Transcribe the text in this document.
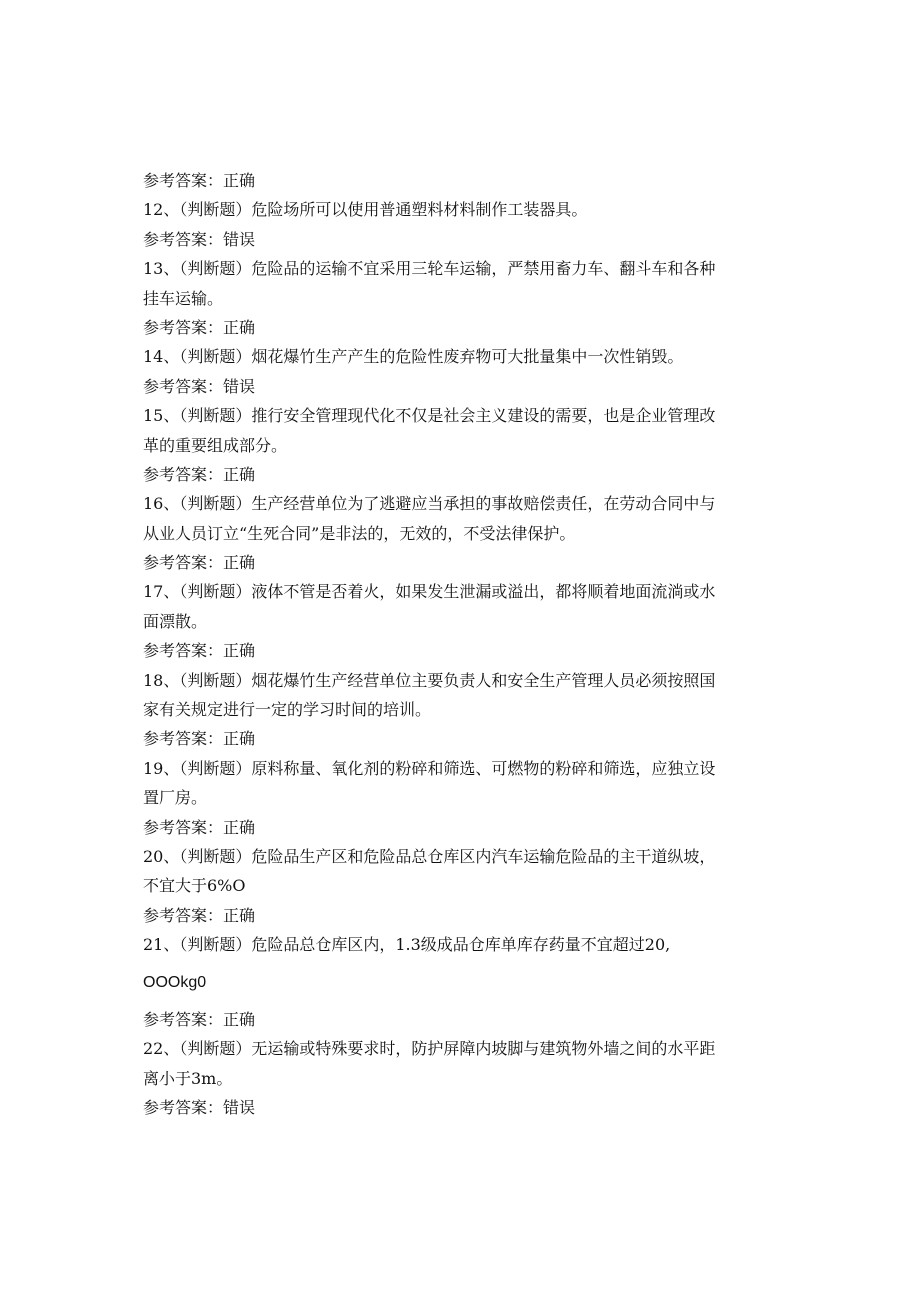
参考答案：正确
12、（判断题）危险场所可以使用普通塑料材料制作工装器具。
参考答案：错误
13、（判断题）危险品的运输不宜采用三轮车运输，严禁用畜力车、翻斗车和各种
挂车运输。
参考答案：正确
14、（判断题）烟花爆竹生产产生的危险性废弃物可大批量集中一次性销毁。
参考答案：错误
15、（判断题）推行安全管理现代化不仅是社会主义建设的需要，也是企业管理改
革的重要组成部分。
参考答案：正确
16、（判断题）生产经营单位为了逃避应当承担的事故赔偿责任，在劳动合同中与
从业人员订立“生死合同”是非法的，无效的，不受法律保护。
参考答案：正确
17、（判断题）液体不管是否着火，如果发生泄漏或溢出，都将顺着地面流淌或水
面漂散。
参考答案：正确
18、（判断题）烟花爆竹生产经营单位主要负责人和安全生产管理人员必须按照国
家有关规定进行一定的学习时间的培训。
参考答案：正确
19、（判断题）原料称量、氧化剂的粉碎和筛选、可燃物的粉碎和筛选，应独立设
置厂房。
参考答案：正确
20、（判断题）危险品生产区和危险品总仓库区内汽车运输危险品的主干道纵坡，
不宜大于6%O
参考答案：正确
21、（判断题）危险品总仓库区内，1.3级成品仓库单库存药量不宜超过20,
OOOkg0
参考答案：正确
22、（判断题）无运输或特殊要求时，防护屏障内坡脚与建筑物外墙之间的水平距
离小于3m。
参考答案：错误
